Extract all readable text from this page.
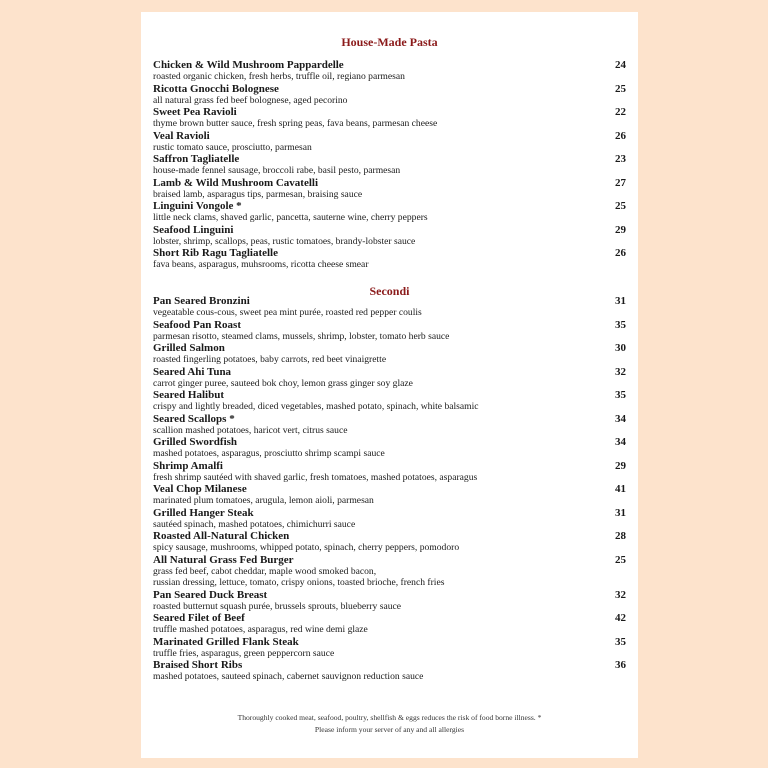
House-Made Pasta
Chicken & Wild Mushroom Pappardelle	24
roasted organic chicken, fresh herbs, truffle oil, regiano parmesan
Ricotta Gnocchi Bolognese	25
all natural grass fed beef bolognese, aged pecorino
Sweet Pea Ravioli	22
thyme brown butter sauce, fresh spring peas, fava beans, parmesan cheese
Veal Ravioli	26
rustic tomato sauce, prosciutto, parmesan
Saffron Tagliatelle	23
house-made fennel sausage, broccoli rabe, basil pesto, parmesan
Lamb & Wild Mushroom Cavatelli	27
braised lamb, asparagus tips, parmesan, braising sauce
Linguini Vongole *	25
little neck clams, shaved garlic, pancetta, sauterne wine, cherry peppers
Seafood Linguini	29
lobster, shrimp, scallops, peas, rustic tomatoes, brandy-lobster sauce
Short Rib Ragu Tagliatelle	26
fava beans, asparagus, muhsrooms, ricotta cheese smear
Secondi
Pan Seared Bronzini	31
vegeatable cous-cous, sweet pea mint purée, roasted red pepper coulis
Seafood Pan Roast	35
parmesan risotto, steamed clams, mussels, shrimp, lobster, tomato herb sauce
Grilled Salmon	30
roasted fingerling potatoes, baby carrots, red beet vinaigrette
Seared Ahi Tuna	32
carrot ginger puree, sauteed bok choy, lemon grass ginger soy glaze
Seared Halibut	35
crispy and lightly breaded, diced vegetables, mashed potato, spinach, white balsamic
Seared Scallops *	34
scallion mashed potatoes, haricot vert, citrus sauce
Grilled Swordfish	34
mashed potatoes, asparagus, prosciutto shrimp scampi sauce
Shrimp Amalfi	29
fresh shrimp sautéed with shaved garlic, fresh tomatoes, mashed potatoes, asparagus
Veal Chop Milanese	41
marinated plum tomatoes, arugula, lemon aioli, parmesan
Grilled Hanger Steak	31
sautéed spinach, mashed potatoes, chimichurri sauce
Roasted All-Natural Chicken	28
spicy sausage, mushrooms, whipped potato, spinach, cherry peppers, pomodoro
All Natural Grass Fed Burger	25
grass fed beef, cabot cheddar, maple wood smoked bacon,
russian dressing, lettuce, tomato, crispy onions, toasted brioche, french fries
Pan Seared Duck Breast	32
roasted butternut squash purée, brussels sprouts, blueberry sauce
Seared Filet of Beef	42
truffle mashed potatoes, asparagus, red wine demi glaze
Marinated Grilled Flank Steak	35
truffle fries, asparagus, green peppercorn sauce
Braised Short Ribs	36
mashed potatoes, sauteed spinach, cabernet sauvignon reduction sauce
Thoroughly cooked meat, seafood, poultry, shellfish & eggs reduces the risk of food borne illness. *
Please inform your server of any and all allergies
menupix
